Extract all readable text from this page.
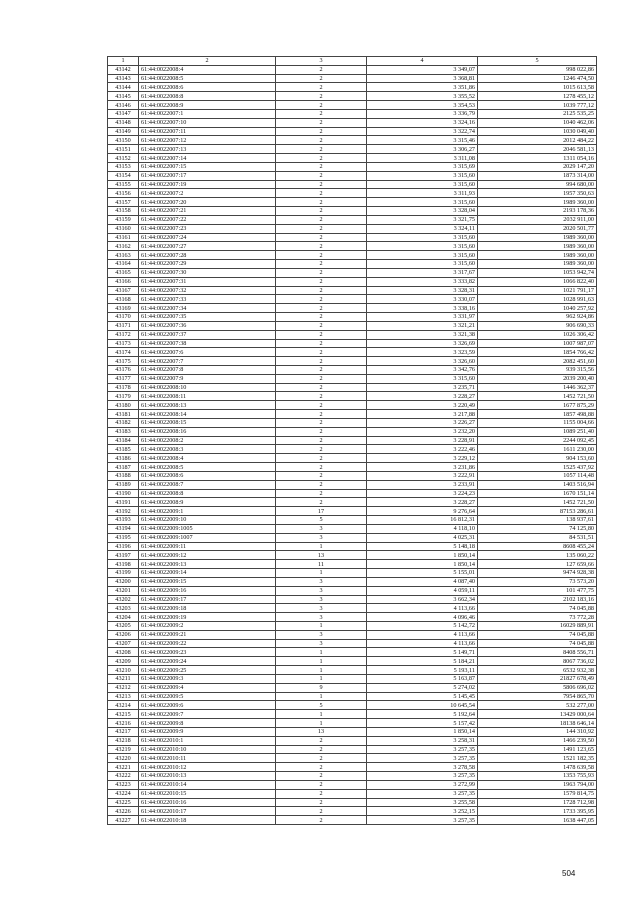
1	2	3	4	5
43142	61:44:0022008:4	2	3 349,07	998 022,86
43143	61:44:0022008:5	2	3 368,81	1246 474,50
43144	61:44:0022008:6	2	3 351,86	1015 613,58
43145	61:44:0022008:8	2	3 355,52	1278 455,12
43146	61:44:0022008:9	2	3 354,53	1039 777,12
43147	61:44:0022007:1	2	3 336,79	2125 535,25
43148	61:44:0022007:10	2	3 324,16	1040 462,06
43149	61:44:0022007:11	2	3 322,74	1030 049,40
43150	61:44:0022007:12	2	3 315,46	2012 484,22
43151	61:44:0022007:13	2	3 306,27	2046 581,13
43152	61:44:0022007:14	2	3 311,08	1311 054,16
43153	61:44:0022007:15	2	3 315,69	2029 147,20
43154	61:44:0022007:17	2	3 315,60	1873 314,00
43155	61:44:0022007:19	2	3 315,60	994 680,00
43156	61:44:0022007:2	2	3 311,93	1957 350,63
43157	61:44:0022007:20	2	3 315,60	1989 360,00
43158	61:44:0022007:21	2	3 328,04	2193 178,36
43159	61:44:0022007:22	2	3 321,75	2032 911,00
43160	61:44:0022007:23	2	3 324,11	2020 501,77
43161	61:44:0022007:24	2	3 315,60	1989 360,00
43162	61:44:0022007:27	2	3 315,60	1989 360,00
43163	61:44:0022007:28	2	3 315,60	1989 360,00
43164	61:44:0022007:29	2	3 315,60	1989 360,00
43165	61:44:0022007:30	2	3 317,67	1053 942,74
43166	61:44:0022007:31	2	3 333,82	1066 822,40
43167	61:44:0022007:32	2	3 328,31	1021 791,17
43168	61:44:0022007:33	2	3 330,07	1028 991,63
43169	61:44:0022007:34	2	3 338,16	1040 257,92
43170	61:44:0022007:35	2	3 331,97	962 924,86
43171	61:44:0022007:36	2	3 321,21	906 690,33
43172	61:44:0022007:37	2	3 321,38	1026 306,42
43173	61:44:0022007:38	2	3 326,69	1007 987,07
43174	61:44:0022007:6	2	3 323,59	1854 766,42
43175	61:44:0022007:7	2	3 326,60	2082 451,60
43176	61:44:0022007:8	2	3 342,76	939 315,56
43177	61:44:0022007:9	2	3 315,60	2039 200,40
43178	61:44:0022008:10	2	3 235,71	1446 362,37
43179	61:44:0022008:11	2	3 228,27	1452 721,50
43180	61:44:0022008:13	2	3 220,49	1677 875,29
43181	61:44:0022008:14	2	3 217,88	1857 498,88
43182	61:44:0022008:15	2	3 226,27	1155 004,66
43183	61:44:0022008:16	2	3 232,20	1089 251,40
43184	61:44:0022008:2	2	3 228,91	2244 092,45
43185	61:44:0022008:3	2	3 222,46	1611 230,00
43186	61:44:0022008:4	2	3 229,12	904 153,60
43187	61:44:0022008:5	2	3 231,86	1525 437,92
43188	61:44:0022008:6	2	3 222,91	1057 114,48
43189	61:44:0022008:7	2	3 233,91	1403 516,94
43190	61:44:0022008:8	2	3 224,23	1670 151,14
43191	61:44:0022008:9	2	3 228,27	1452 721,50
43192	61:44:0022009:1	17	9 276,64	87153 286,61
43193	61:44:0022009:10	5	16 812,31	138 937,61
43194	61:44:0022009:1005	3	4 118,10	74 125,80
43195	61:44:0022009:1007	3	4 025,31	84 531,51
43196	61:44:0022009:11	1	5 148,18	8608 455,24
43197	61:44:0022009:12	13	1 850,14	135 060,22
43198	61:44:0022009:13	11	1 850,14	127 659,66
43199	61:44:0022009:14	1	5 155,01	9474 928,38
43200	61:44:0022009:15	3	4 087,40	73 573,20
43201	61:44:0022009:16	3	4 059,11	101 477,75
43202	61:44:0022009:17	3	3 662,34	2102 183,16
43203	61:44:0022009:18	3	4 113,66	74 045,88
43204	61:44:0022009:19	3	4 096,46	73 772,28
43205	61:44:0022009:2	1	5 142,72	16029 889,91
43206	61:44:0022009:21	3	4 113,66	74 045,88
43207	61:44:0022009:22	3	4 113,66	74 045,88
43208	61:44:0022009:23	1	5 149,71	8408 556,71
43209	61:44:0022009:24	1	5 184,21	8067 736,02
43210	61:44:0022009:25	1	5 193,11	6532 932,38
43211	61:44:0022009:3	1	5 163,87	21827 678,49
43212	61:44:0022009:4	9	5 274,02	5806 696,02
43213	61:44:0022009:5	1	5 145,45	7954 865,70
43214	61:44:0022009:6	5	10 645,54	532 277,00
43215	61:44:0022009:7	1	5 192,64	13429 000,64
43216	61:44:0022009:8	1	5 157,42	18138 646,14
43217	61:44:0022009:9	13	1 850,14	144 310,92
43218	61:44:0022010:1	2	3 258,31	1466 239,50
43219	61:44:0022010:10	2	3 257,35	1491 123,65
43220	61:44:0022010:11	2	3 257,35	1521 182,35
43221	61:44:0022010:12	2	3 278,58	1478 639,58
43222	61:44:0022010:13	2	3 257,35	1353 755,93
43223	61:44:0022010:14	2	3 272,99	1963 794,00
43224	61:44:0022010:15	2	3 257,35	1579 814,75
43225	61:44:0022010:16	2	3 255,58	1728 712,98
43226	61:44:0022010:17	2	3 252,15	1733 395,95
43227	61:44:0022010:18	2	3 257,35	1638 447,05
504
